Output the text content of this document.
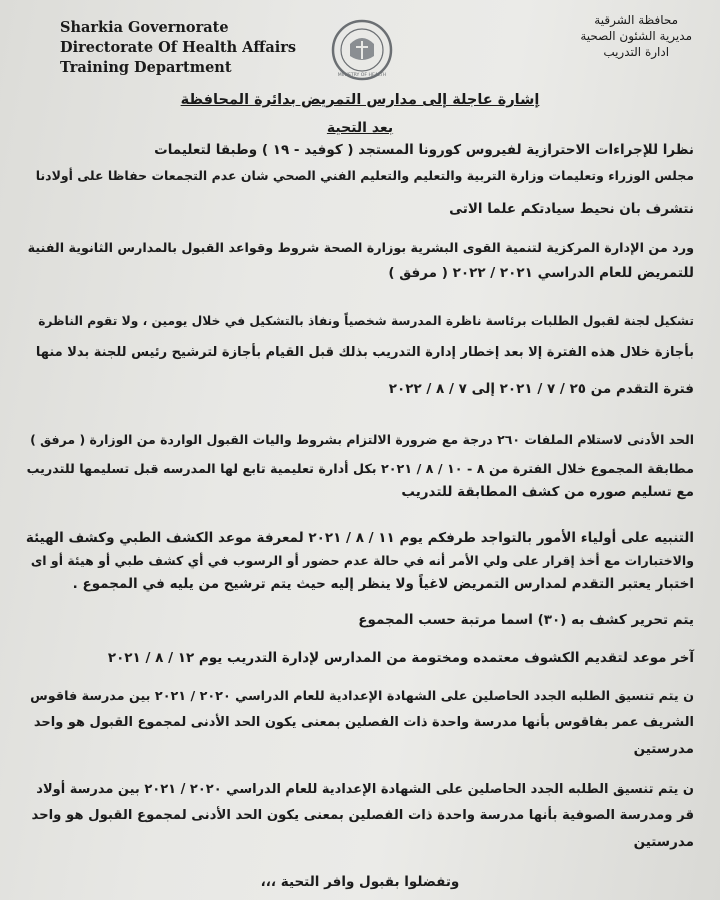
Sharkia Governorate
Directorate Of Health Affairs
Training Department	MINISTRY OF HEALTH
محافظة الشرقية
مديرية الشئون الصحية
ادارة التدريب
إشارة عاجلة إلى مدارس التمريض بدائرة المحافظة
بعد التحية
نظرا للإجراءات الاحترازية لفيروس كورونا المستجد ( كوفيد - ١٩ ) وطبقا لتعليمات
مجلس الوزراء وتعليمات وزارة التربية والتعليم والتعليم الفني الصحي شان عدم التجمعات حفاظا على أولادنا
نتشرف بان نحيط سيادتكم علما الاتى
ورد من الإدارة المركزية لتنمية القوى البشرية بوزارة الصحة شروط وقواعد القبول بالمدارس الثانوية الفنية
للتمريض للعام الدراسي ٢٠٢١ / ٢٠٢٢ ( مرفق )
تشكيل لجنة لقبول الطلبات برئاسة ناظرة المدرسة شخصياً ونفاذ بالتشكيل في خلال يومين ، ولا تقوم الناظرة
بأجازة خلال هذه الفترة إلا بعد إخطار إدارة التدريب بذلك قبل القيام بأجازة لترشيح رئيس للجنة بدلا منها
فترة التقدم من ٢٥ / ٧ / ٢٠٢١ إلى ٧ / ٨ / ٢٠٢٢
الحد الأدنى لاستلام الملفات ٢٦٠ درجة مع ضرورة الالتزام بشروط واليات القبول الواردة من الوزارة ( مرفق )
مطابقة المجموع خلال الفترة من ٨ - ١٠ / ٨ / ٢٠٢١ بكل أدارة تعليمية تابع لها المدرسه قبل تسليمها للتدريب
مع تسليم صوره من كشف المطابقة للتدريب
التنبيه على أولياء الأمور بالتواجد طرفكم يوم ١١ / ٨ / ٢٠٢١ لمعرفة موعد الكشف الطبي وكشف الهيئة
والاختبارات مع أخذ إقرار على ولي الأمر أنه في حالة عدم حضور أو الرسوب في أي كشف طبي أو هيئة أو اى
اختبار يعتبر التقدم لمدارس التمريض لاغياً ولا ينظر إليه حيث يتم ترشيح من يليه في المجموع .
يتم تحرير كشف به (٣٠) اسما مرتبة حسب المجموع
آخر موعد لتقديم الكشوف معتمده ومختومة من المدارس لإدارة التدريب يوم ١٢ / ٨ / ٢٠٢١
ن يتم تنسيق الطلبه الجدد الحاصلين على الشهادة الإعدادية للعام الدراسي ٢٠٢٠ / ٢٠٢١ بين مدرسة فاقوس
الشريف عمر بفاقوس بأنها مدرسة واحدة ذات الفصلين بمعنى يكون الحد الأدنى لمجموع القبول هو واحد
مدرستين
ن يتم تنسيق الطلبه الجدد الحاصلين على الشهادة الإعدادية للعام الدراسي ٢٠٢٠ / ٢٠٢١ بين مدرسة أولاد
قر ومدرسة الصوفية بأنها مدرسة واحدة ذات الفصلين بمعنى يكون الحد الأدنى لمجموع القبول هو واحد
مدرستين
وتفضلوا بقبول وافر التحية ،،،
